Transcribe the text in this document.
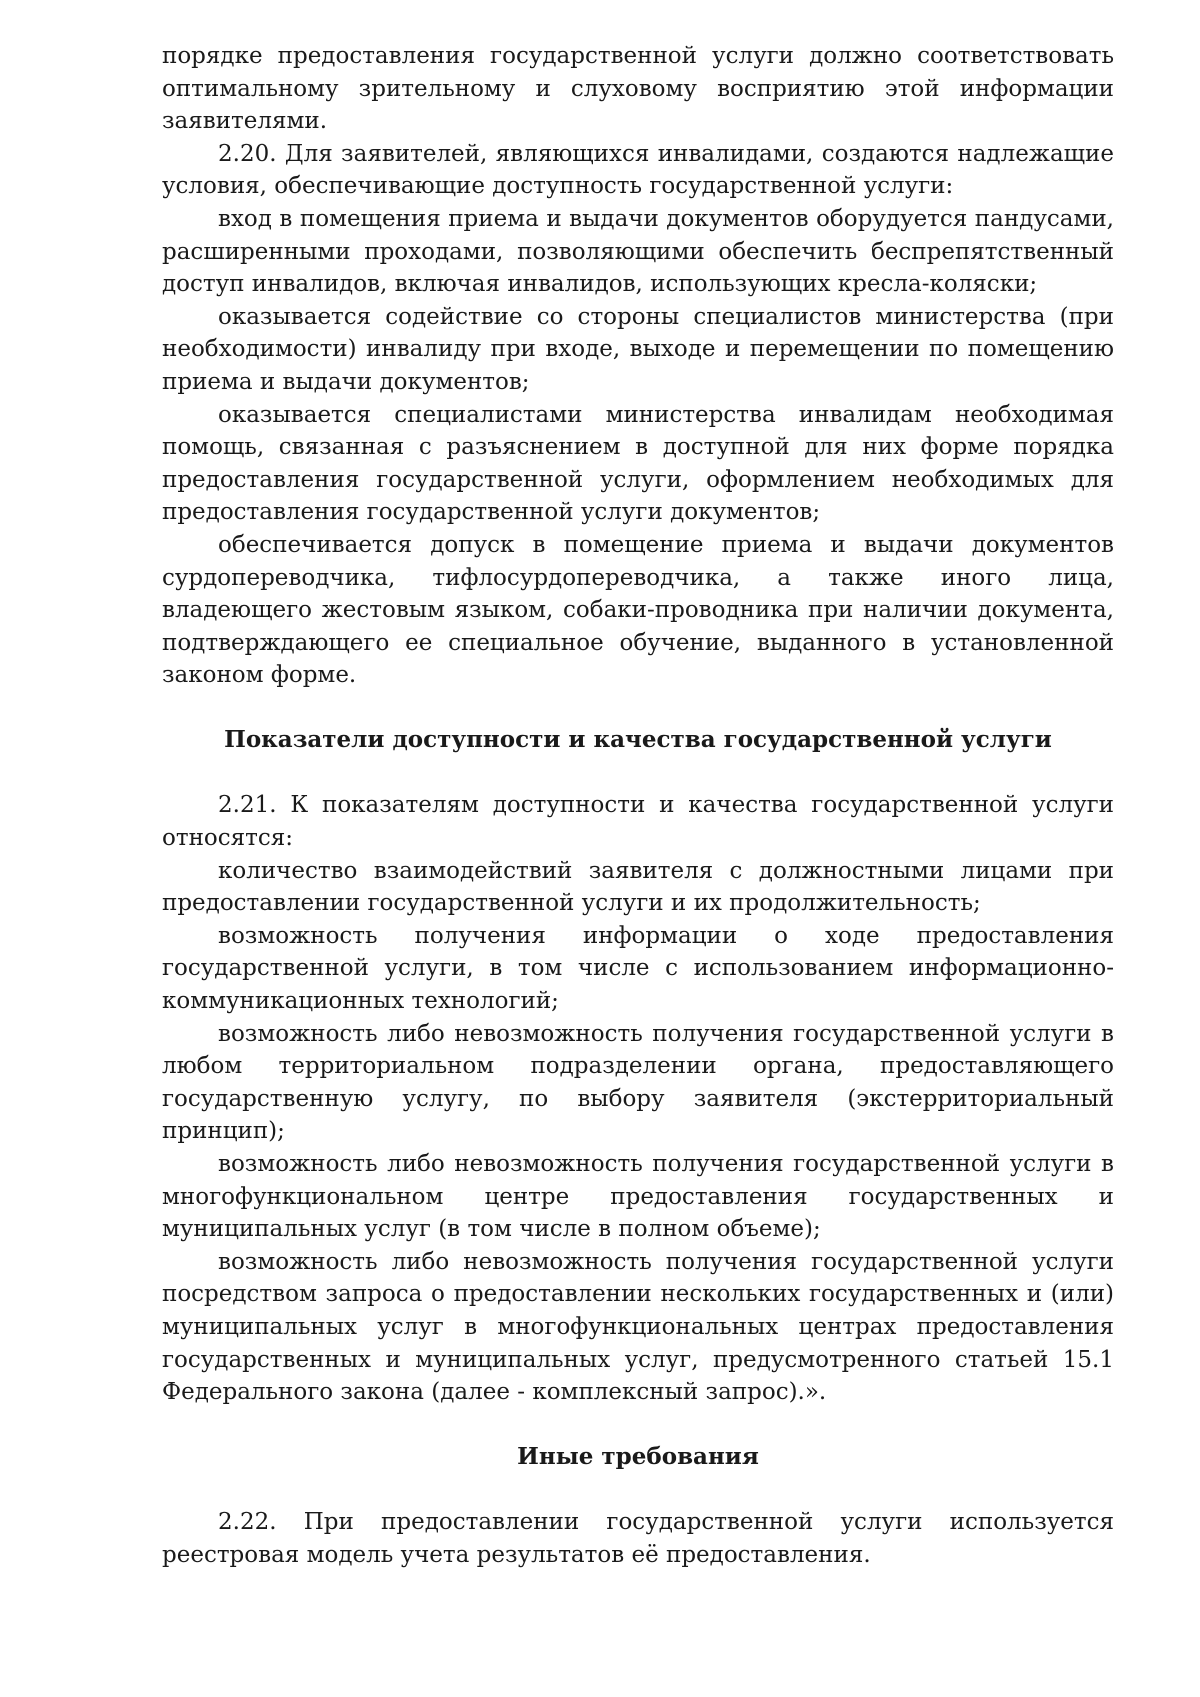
порядке предоставления государственной услуги должно соответствовать оптимальному зрительному и слуховому восприятию этой информации заявителями.

2.20. Для заявителей, являющихся инвалидами, создаются надлежащие условия, обеспечивающие доступность государственной услуги:

вход в помещения приема и выдачи документов оборудуется пандусами, расширенными проходами, позволяющими обеспечить беспрепятственный доступ инвалидов, включая инвалидов, использующих кресла-коляски;

оказывается содействие со стороны специалистов министерства (при необходимости) инвалиду при входе, выходе и перемещении по помещению приема и выдачи документов;

оказывается специалистами министерства инвалидам необходимая помощь, связанная с разъяснением в доступной для них форме порядка предоставления государственной услуги, оформлением необходимых для предоставления государственной услуги документов;

обеспечивается допуск в помещение приема и выдачи документов сурдопереводчика, тифлосурдопереводчика, а также иного лица, владеющего жестовым языком, собаки-проводника при наличии документа, подтверждающего ее специальное обучение, выданного в установленной законом форме.

Показатели доступности и качества государственной услуги

2.21. К показателям доступности и качества государственной услуги относятся:

количество взаимодействий заявителя с должностными лицами при предоставлении государственной услуги и их продолжительность;

возможность получения информации о ходе предоставления государственной услуги, в том числе с использованием информационно-коммуникационных технологий;

возможность либо невозможность получения государственной услуги в любом территориальном подразделении органа, предоставляющего государственную услугу, по выбору заявителя (экстерриториальный принцип);

возможность либо невозможность получения государственной услуги в многофункциональном центре предоставления государственных и муниципальных услуг (в том числе в полном объеме);

возможность либо невозможность получения государственной услуги посредством запроса о предоставлении нескольких государственных и (или) муниципальных услуг в многофункциональных центрах предоставления государственных и муниципальных услуг, предусмотренного статьей 15.1 Федерального закона (далее - комплексный запрос).».

Иные требования

2.22. При предоставлении государственной услуги используется реестровая модель учета результатов её предоставления.
